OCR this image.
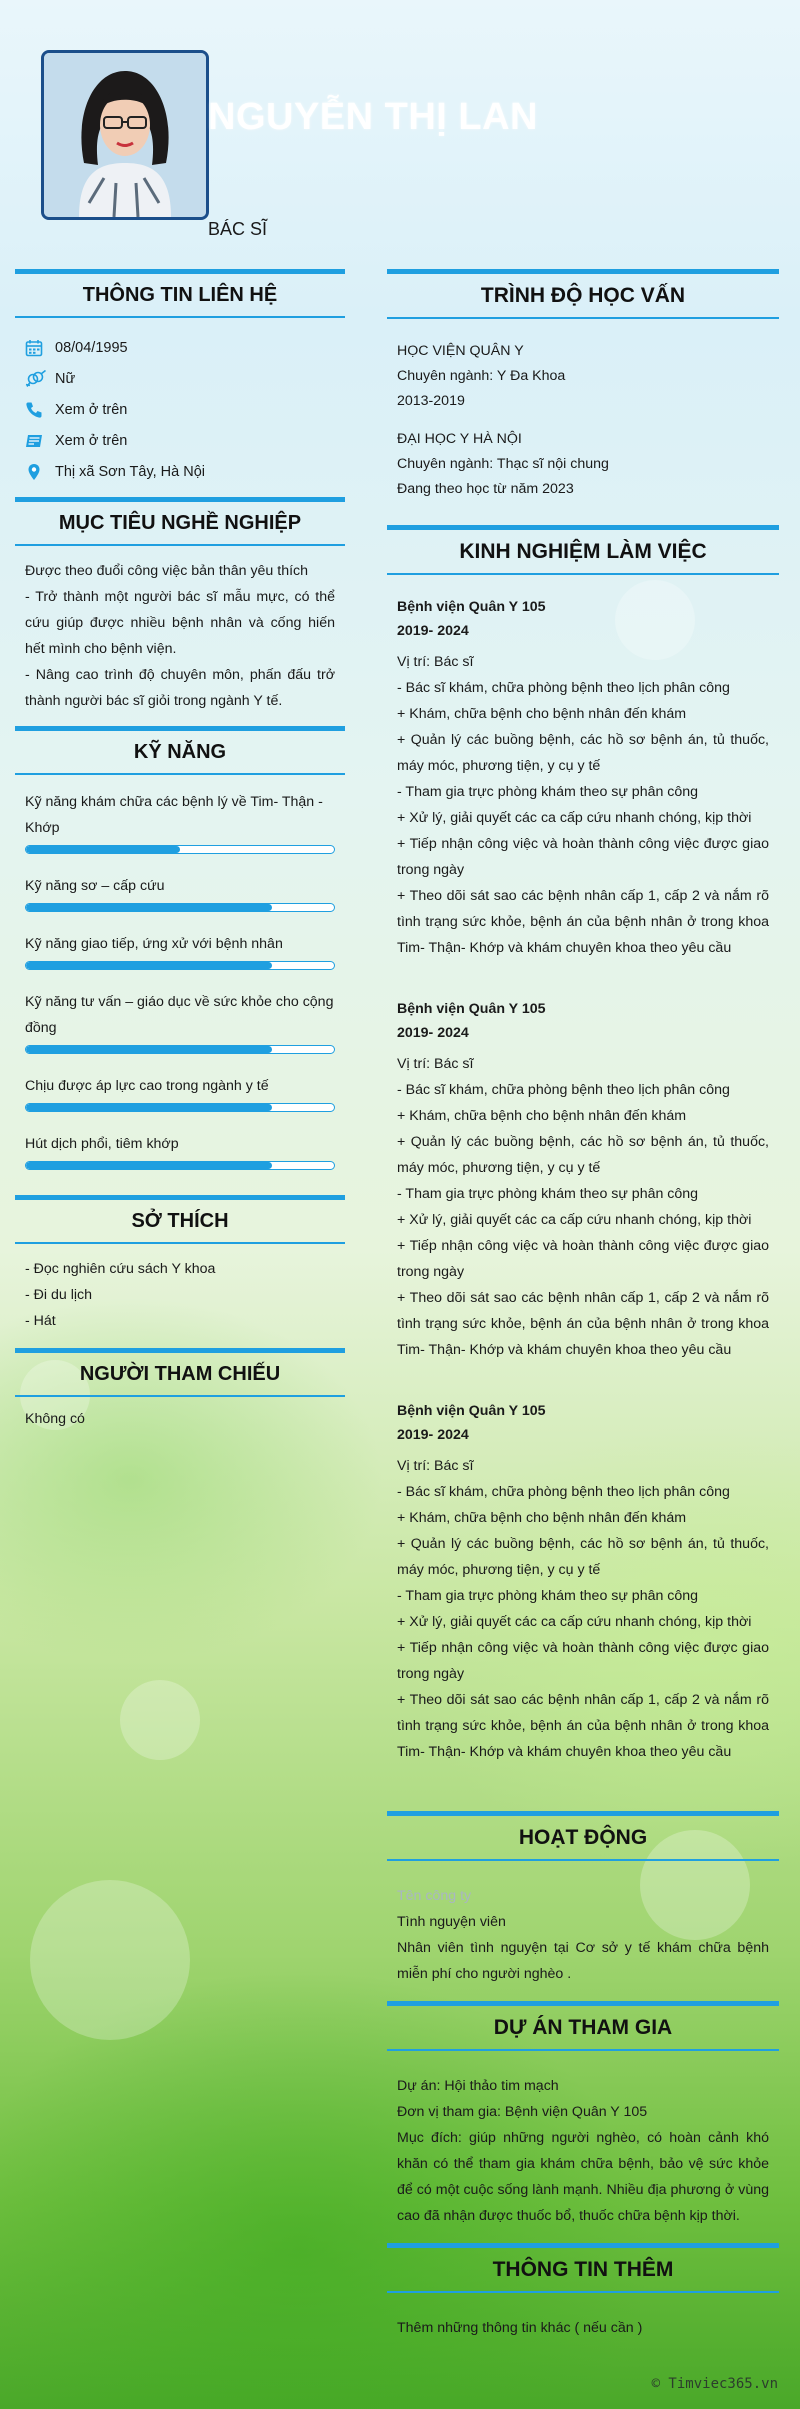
NGUYỄN THỊ LAN
BÁC SĨ
THÔNG TIN LIÊN HỆ
08/04/1995
Nữ
Xem ở trên
Xem ở trên
Thị xã Sơn Tây, Hà Nội
MỤC TIÊU NGHỀ NGHIỆP
Được theo đuổi công việc bản thân yêu thích
- Trở thành một người bác sĩ mẫu mực, có thể cứu giúp được nhiều bệnh nhân và cống hiến hết mình cho bệnh viện.
- Nâng cao trình độ chuyên môn, phấn đấu trở thành người bác sĩ giỏi trong ngành Y tế.
KỸ NĂNG
Kỹ năng khám chữa các bệnh lý về Tim- Thận - Khớp
Kỹ năng sơ – cấp cứu
Kỹ năng giao tiếp, ứng xử với bệnh nhân
Kỹ năng tư vấn – giáo dục về sức khỏe cho cộng đồng
Chịu được áp lực cao trong ngành y tế
Hút dịch phổi, tiêm khớp
SỞ THÍCH
- Đọc nghiên cứu sách Y khoa
- Đi du lịch
- Hát
NGƯỜI THAM CHIẾU
Không có
TRÌNH ĐỘ HỌC VẤN
HỌC VIỆN QUÂN Y
Chuyên ngành: Y Đa Khoa
2013-2019
ĐẠI HỌC Y HÀ NỘI
Chuyên ngành: Thạc sĩ nội chung
Đang theo học từ năm 2023
KINH NGHIỆM LÀM VIỆC
Bệnh viện Quân Y 105
2019- 2024
Vị trí: Bác sĩ
- Bác sĩ khám, chữa phòng bệnh theo lịch phân công
+ Khám, chữa bệnh cho bệnh nhân đến khám
+ Quản lý các buồng bệnh, các hồ sơ bệnh án, tủ thuốc, máy móc, phương tiện, y cụ y tế
- Tham gia trực phòng khám theo sự phân công
+ Xử lý, giải quyết các ca cấp cứu nhanh chóng, kịp thời
+ Tiếp nhận công việc và hoàn thành công việc được giao trong ngày
+ Theo dõi sát sao các bệnh nhân cấp 1, cấp 2 và nắm rõ tình trạng sức khỏe, bệnh án của bệnh nhân ở trong khoa Tim- Thận- Khớp và khám chuyên khoa theo yêu cầu
Bệnh viện Quân Y 105
2019- 2024
Vị trí: Bác sĩ
- Bác sĩ khám, chữa phòng bệnh theo lịch phân công
+ Khám, chữa bệnh cho bệnh nhân đến khám
+ Quản lý các buồng bệnh, các hồ sơ bệnh án, tủ thuốc, máy móc, phương tiện, y cụ y tế
- Tham gia trực phòng khám theo sự phân công
+ Xử lý, giải quyết các ca cấp cứu nhanh chóng, kịp thời
+ Tiếp nhận công việc và hoàn thành công việc được giao trong ngày
+ Theo dõi sát sao các bệnh nhân cấp 1, cấp 2 và nắm rõ tình trạng sức khỏe, bệnh án của bệnh nhân ở trong khoa Tim- Thận- Khớp và khám chuyên khoa theo yêu cầu
Bệnh viện Quân Y 105
2019- 2024
Vị trí: Bác sĩ
- Bác sĩ khám, chữa phòng bệnh theo lịch phân công
+ Khám, chữa bệnh cho bệnh nhân đến khám
+ Quản lý các buồng bệnh, các hồ sơ bệnh án, tủ thuốc, máy móc, phương tiện, y cụ y tế
- Tham gia trực phòng khám theo sự phân công
+ Xử lý, giải quyết các ca cấp cứu nhanh chóng, kịp thời
+ Tiếp nhận công việc và hoàn thành công việc được giao trong ngày
+ Theo dõi sát sao các bệnh nhân cấp 1, cấp 2 và nắm rõ tình trạng sức khỏe, bệnh án của bệnh nhân ở trong khoa Tim- Thận- Khớp và khám chuyên khoa theo yêu cầu
HOẠT ĐỘNG
Tên công ty
Tình nguyện viên
Nhân viên tình nguyện tại Cơ sở y tế khám chữa bệnh miễn phí cho người nghèo .
DỰ ÁN THAM GIA
Dự án: Hội thảo tim mạch
Đơn vị tham gia: Bệnh viện Quân Y 105
Mục đích: giúp những người nghèo, có hoàn cảnh khó khăn có thể tham gia khám chữa bệnh, bảo vệ sức khỏe để có một cuộc sống lành mạnh. Nhiều địa phương ở vùng cao đã nhận được thuốc bổ, thuốc chữa bệnh kịp thời.
THÔNG TIN THÊM
Thêm những thông tin khác ( nếu cần )
© Timviec365.vn
